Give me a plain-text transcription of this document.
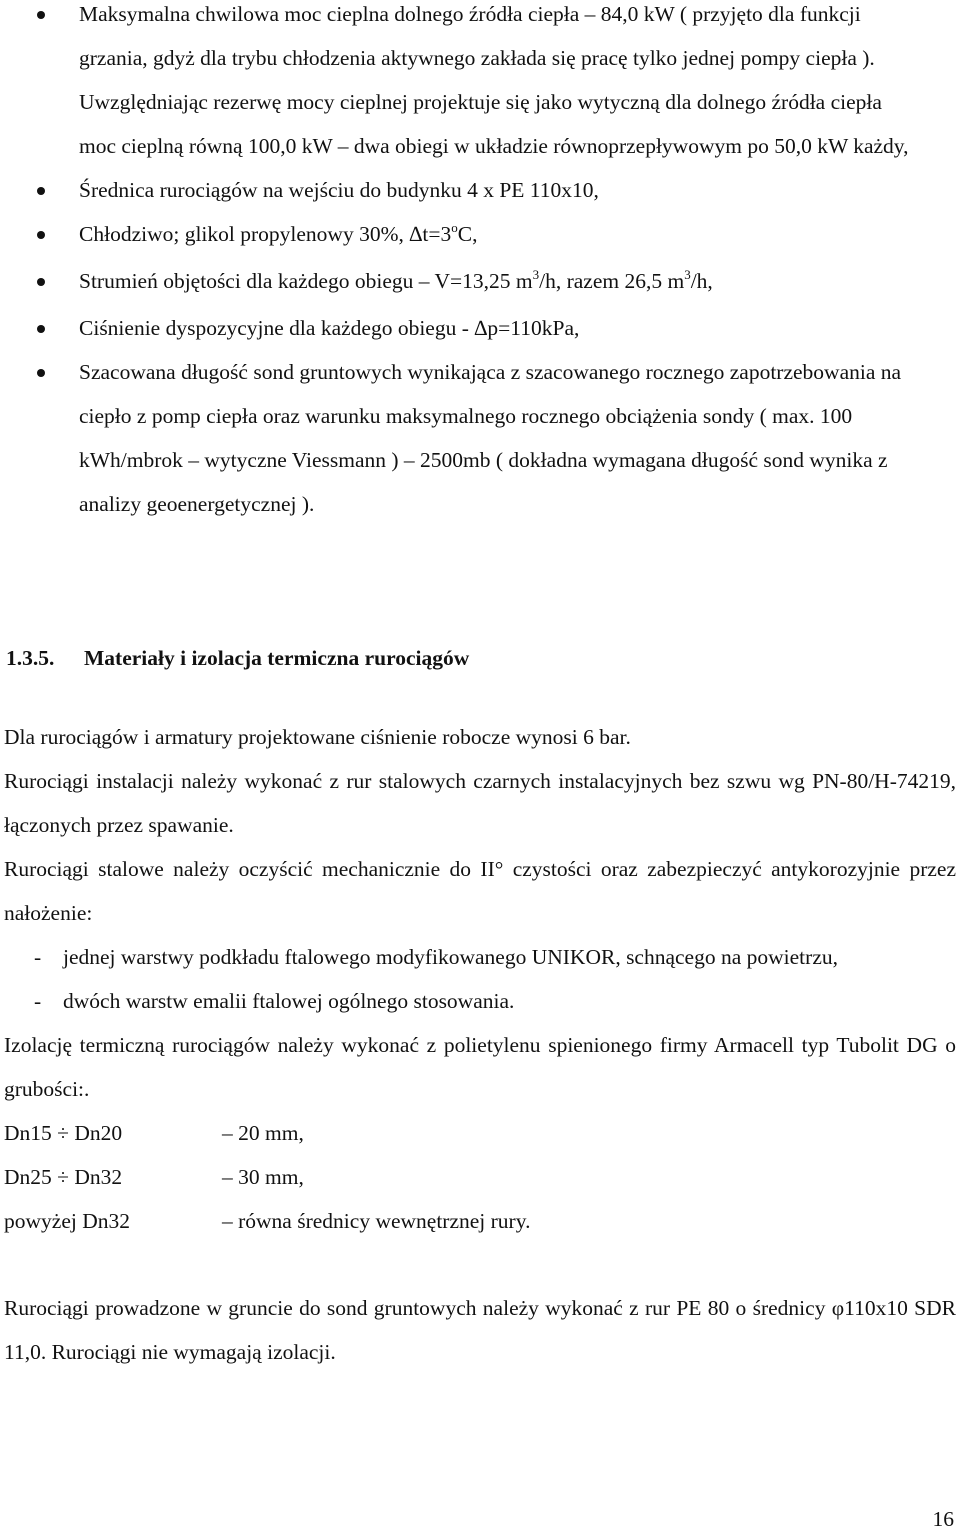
Maksymalna chwilowa moc cieplna dolnego źródła ciepła – 84,0 kW ( przyjęto dla funkcji grzania, gdyż dla trybu chłodzenia aktywnego zakłada się pracę tylko jednej pompy ciepła ). Uwzględniając rezerwę mocy cieplnej projektuje się jako wytyczną dla dolnego źródła ciepła moc cieplną równą 100,0 kW – dwa obiegi w układzie równoprzepływowym po 50,0 kW każdy,
Średnica rurociągów na wejściu do budynku 4 x PE 110x10,
Chłodziwo; glikol propylenowy 30%, $\Delta t=3^oC$,
Strumień objętości dla każdego obiegu – V=13,25 $m^3/h$, razem 26,5 $m^3/h$,
Ciśnienie dyspozycyjne dla każdego obiegu - ∆p=110kPa,
Szacowana długość sond gruntowych wynikająca z szacowanego rocznego zapotrzebowania na ciepło z pomp ciepła oraz warunku maksymalnego rocznego obciążenia sondy ( max. 100 kWh/mbrok – wytyczne Viessmann ) – 2500mb ( dokładna wymagana długość sond wynika z analizy geoenergetycznej ).
1.3.5. Materiały i izolacja termiczna rurociągów

Dla rurociągów i armatury projektowane ciśnienie robocze wynosi 6 bar.

Rurociągi instalacji należy wykonać z rur stalowych czarnych instalacyjnych bez szwu wg PN-80/H-74219, łączonych przez spawanie.

Rurociągi stalowe należy oczyścić mechanicznie do II° czystości oraz zabezpieczyć antykorozyjnie przez nałożenie:

- jednej warstwy podkładu ftalowego modyfikowanego UNIKOR, schnącego na powietrzu,
- dwóch warstw emalii ftalowej ogólnego stosowania.

Izolację termiczną rurociągów należy wykonać z polietylenu spienionego firmy Armacell typ Tubolit DG o grubości:.

Dn15 ÷ Dn20	– 20 mm,
Dn25 ÷ Dn32	– 30 mm,
powyżej Dn32	– równa średnicy wewnętrznej rury.

Rurociągi prowadzone w gruncie do sond gruntowych należy wykonać z rur PE 80 o średnicy φ110x10 SDR 11,0. Rurociągi nie wymagają izolacji.

16
